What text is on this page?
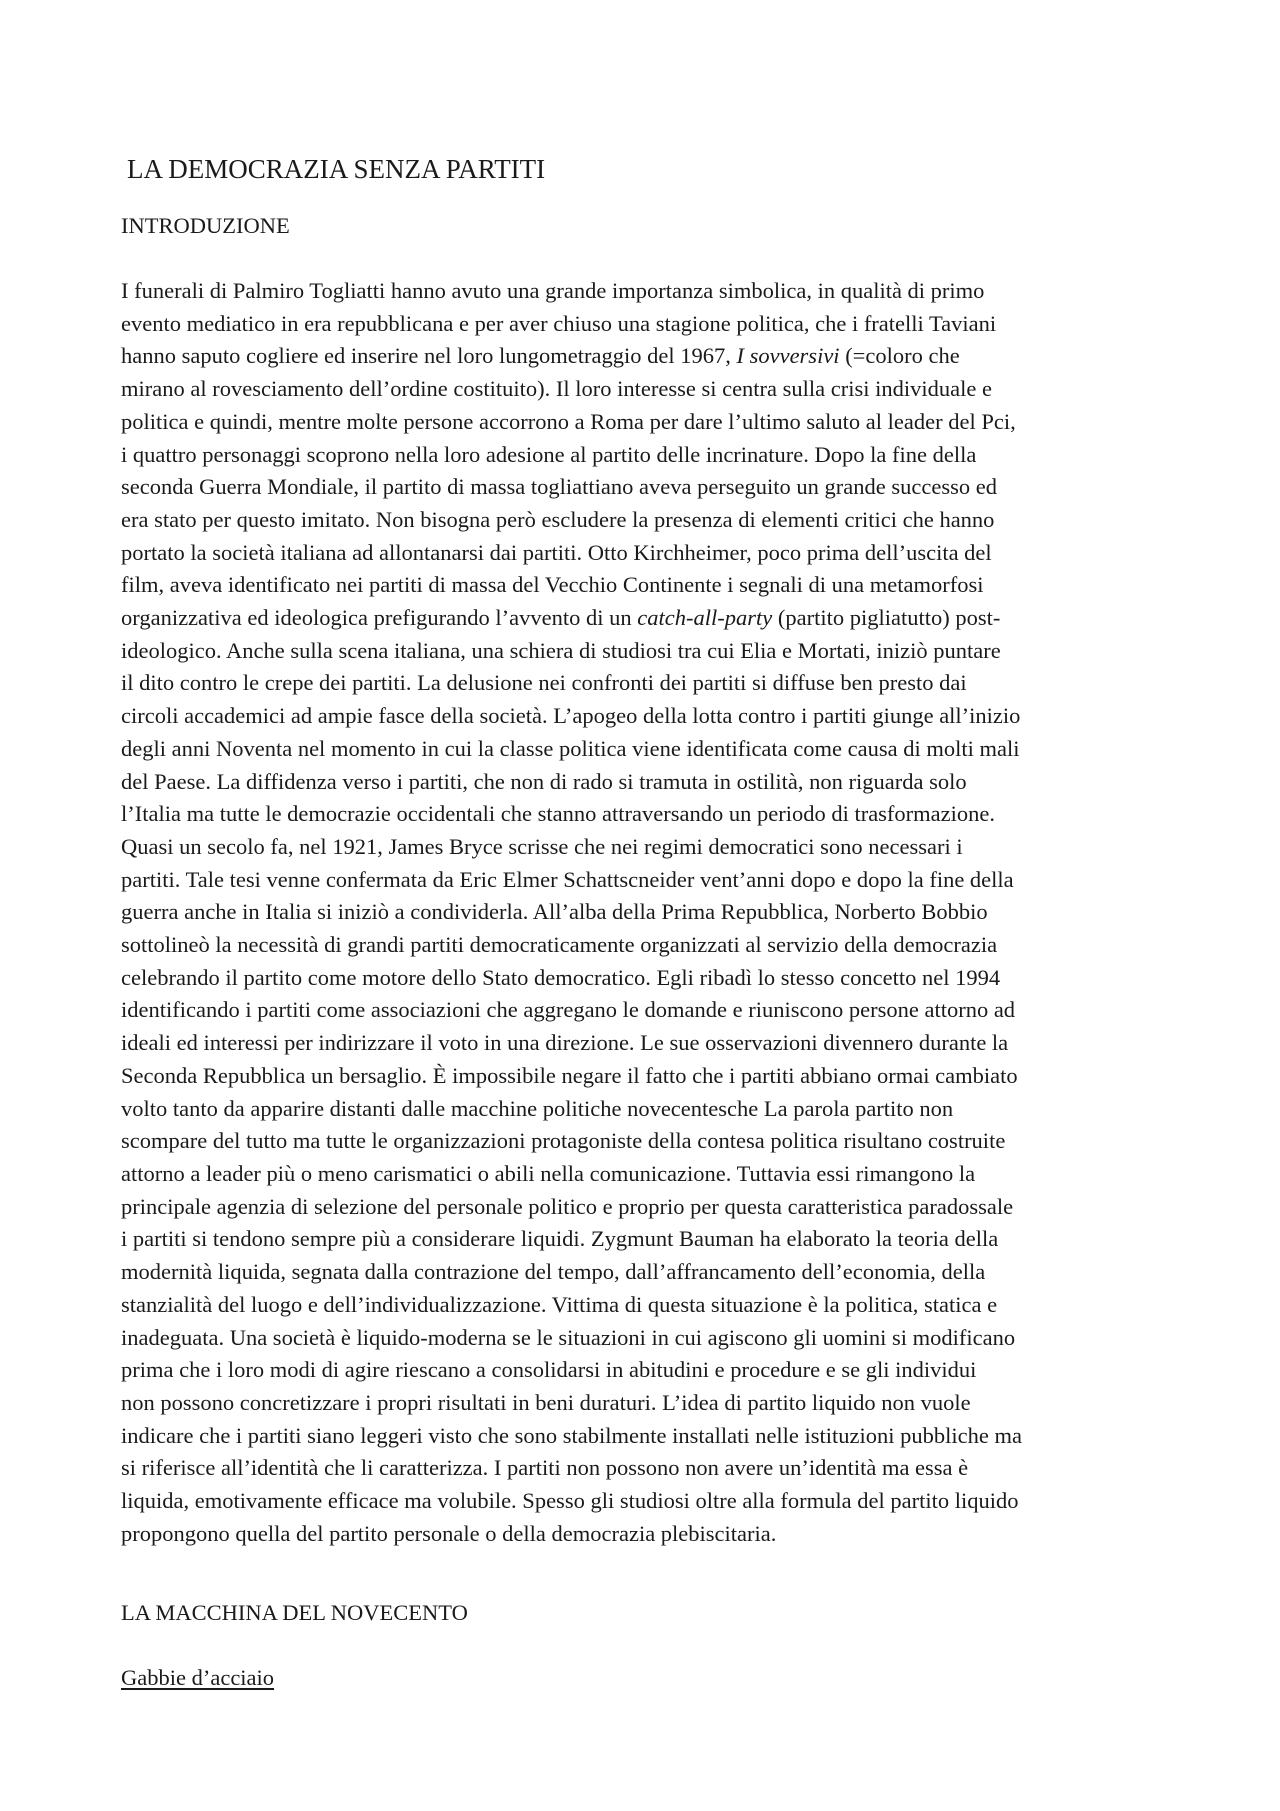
LA DEMOCRAZIA SENZA PARTITI
INTRODUZIONE

I funerali di Palmiro Togliatti hanno avuto una grande importanza simbolica, in qualità di primo
evento mediatico in era repubblicana e per aver chiuso una stagione politica, che i fratelli Taviani
hanno saputo cogliere ed inserire nel loro lungometraggio del 1967, I sovversivi (=coloro che
mirano al rovesciamento dell’ordine costituito). Il loro interesse si centra sulla crisi individuale e
politica e quindi, mentre molte persone accorrono a Roma per dare l’ultimo saluto al leader del Pci,
i quattro personaggi scoprono nella loro adesione al partito delle incrinature. Dopo la fine della
seconda Guerra Mondiale, il partito di massa togliattiano aveva perseguito un grande successo ed
era stato per questo imitato. Non bisogna però escludere la presenza di elementi critici che hanno
portato la società italiana ad allontanarsi dai partiti. Otto Kirchheimer, poco prima dell’uscita del
film, aveva identificato nei partiti di massa del Vecchio Continente i segnali di una metamorfosi
organizzativa ed ideologica prefigurando l’avvento di un catch-all-party (partito pigliatutto) post-
ideologico. Anche sulla scena italiana, una schiera di studiosi tra cui Elia e Mortati, iniziò puntare
il dito contro le crepe dei partiti. La delusione nei confronti dei partiti si diffuse ben presto dai
circoli accademici ad ampie fasce della società. L’apogeo della lotta contro i partiti giunge all’inizio
degli anni Noventa nel momento in cui la classe politica viene identificata come causa di molti mali
del Paese. La diffidenza verso i partiti, che non di rado si tramuta in ostilità, non riguarda solo
l’Italia ma tutte le democrazie occidentali che stanno attraversando un periodo di trasformazione.
Quasi un secolo fa, nel 1921, James Bryce scrisse che nei regimi democratici sono necessari i
partiti. Tale tesi venne confermata da Eric Elmer Schattscneider vent’anni dopo e dopo la fine della
guerra anche in Italia si iniziò a condividerla. All’alba della Prima Repubblica, Norberto Bobbio
sottolineò la necessità di grandi partiti democraticamente organizzati al servizio della democrazia
celebrando il partito come motore dello Stato democratico. Egli ribadì lo stesso concetto nel 1994
identificando i partiti come associazioni che aggregano le domande e riuniscono persone attorno ad
ideali ed interessi per indirizzare il voto in una direzione. Le sue osservazioni divennero durante la
Seconda Repubblica un bersaglio. È impossibile negare il fatto che i partiti abbiano ormai cambiato
volto tanto da apparire distanti dalle macchine politiche novecentesche La parola partito non
scompare del tutto ma tutte le organizzazioni protagoniste della contesa politica risultano costruite
attorno a leader più o meno carismatici o abili nella comunicazione. Tuttavia essi rimangono la
principale agenzia di selezione del personale politico e proprio per questa caratteristica paradossale
i partiti si tendono sempre più a considerare liquidi. Zygmunt Bauman ha elaborato la teoria della
modernità liquida, segnata dalla contrazione del tempo, dall’affrancamento dell’economia, della
stanzialità del luogo e dell’individualizzazione. Vittima di questa situazione è la politica, statica e
inadeguata. Una società è liquido-moderna se le situazioni in cui agiscono gli uomini si modificano
prima che i loro modi di agire riescano a consolidarsi in abitudini e procedure e se gli individui
non possono concretizzare i propri risultati in beni duraturi. L’idea di partito liquido non vuole
indicare che i partiti siano leggeri visto che sono stabilmente installati nelle istituzioni pubbliche ma
si riferisce all’identità che li caratterizza. I partiti non possono non avere un’identità ma essa è
liquida, emotivamente efficace ma volubile. Spesso gli studiosi oltre alla formula del partito liquido
propongono quella del partito personale o della democrazia plebiscitaria.

LA MACCHINA DEL NOVECENTO
Gabbie d’acciaio
